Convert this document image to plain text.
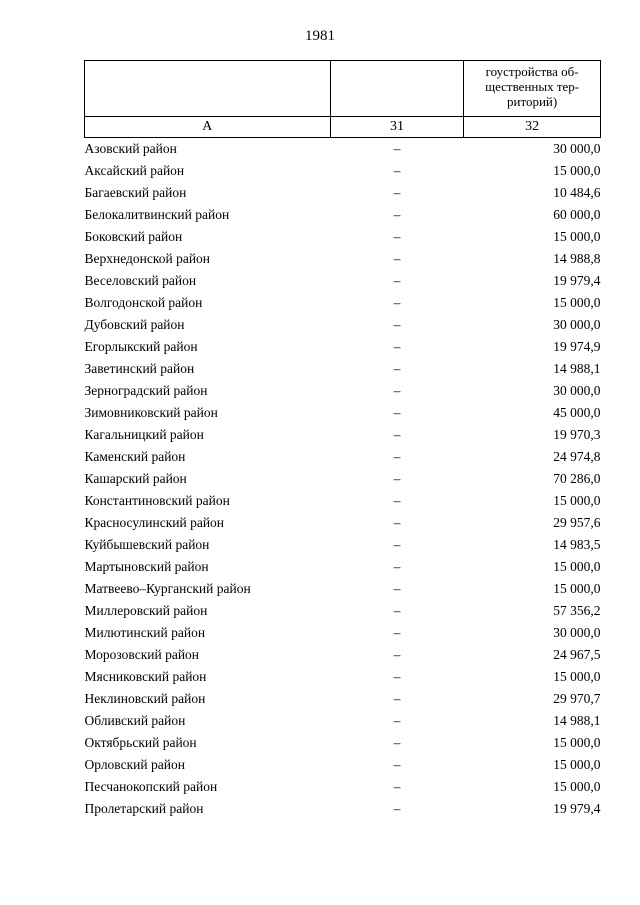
1981

		гоустройства об-
щественных тер-
риторий)

А	31	32
Азовский район	–	30 000,0
Аксайский район	–	15 000,0
Багаевский район	–	10 484,6
Белокалитвинский район	–	60 000,0
Боковский район	–	15 000,0
Верхнедонской район	–	14 988,8
Веселовский район	–	19 979,4
Волгодонской район	–	15 000,0
Дубовский район	–	30 000,0
Егорлыкский район	–	19 974,9
Заветинский район	–	14 988,1
Зерноградский район	–	30 000,0
Зимовниковский район	–	45 000,0
Кагальницкий район	–	19 970,3
Каменский район	–	24 974,8
Кашарский район	–	70 286,0
Константиновский район	–	15 000,0
Красносулинский район	–	29 957,6
Куйбышевский район	–	14 983,5
Мартыновский район	–	15 000,0
Матвеево–Курганский район	–	15 000,0
Миллеровский район	–	57 356,2
Милютинский район	–	30 000,0
Морозовский район	–	24 967,5
Мясниковский район	–	15 000,0
Неклиновский район	–	29 970,7
Обливский район	–	14 988,1
Октябрьский район	–	15 000,0
Орловский район	–	15 000,0
Песчанокопский район	–	15 000,0
Пролетарский район	–	19 979,4
